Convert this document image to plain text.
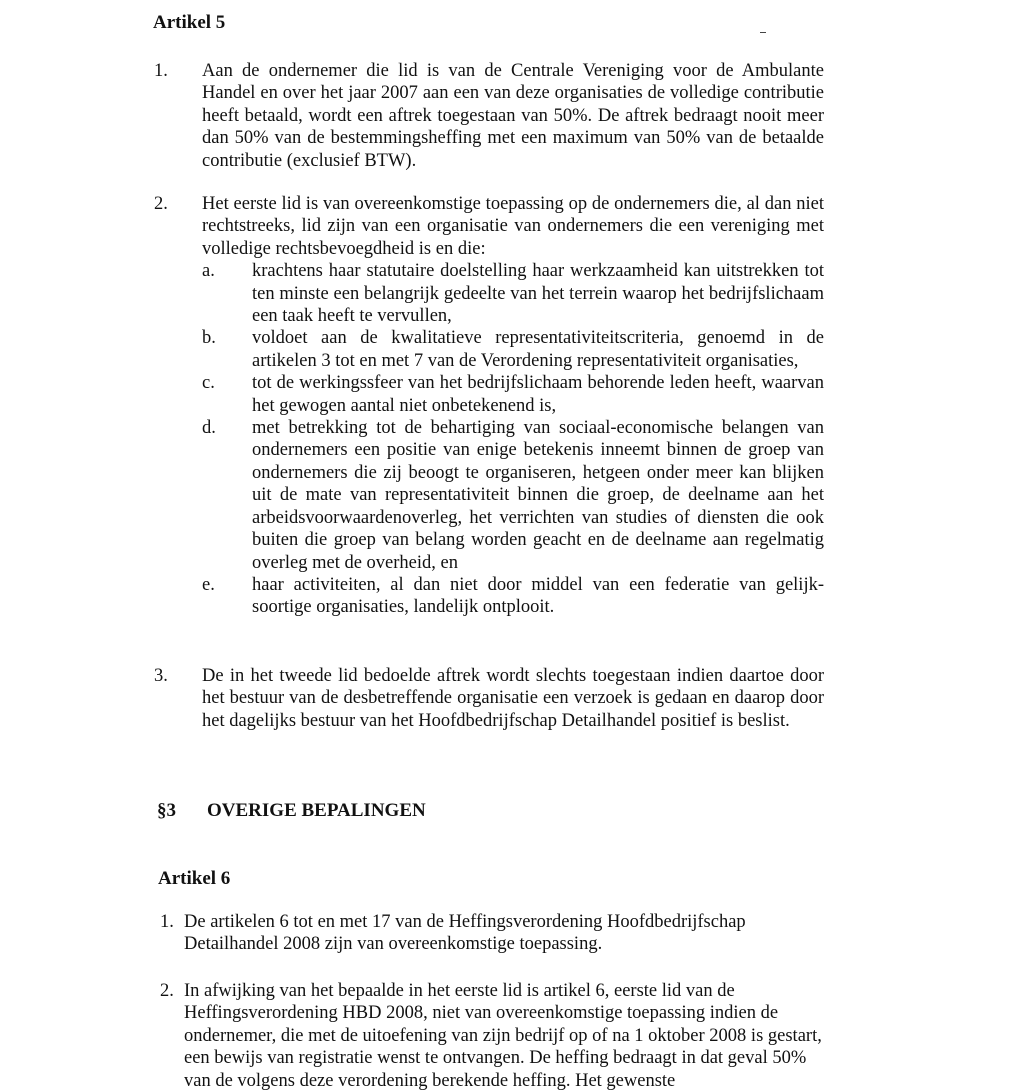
Artikel 5
1. Aan de ondernemer die lid is van de Centrale Vereniging voor de Ambulante Handel en over het jaar 2007 aan een van deze organisaties de volledige contributie heeft betaald, wordt een aftrek toegestaan van 50%. De aftrek bedraagt nooit meer dan 50% van de bestemmingsheffing met een maximum van 50% van de betaalde contributie (exclusief BTW).
2. Het eerste lid is van overeenkomstige toepassing op de ondernemers die, al dan niet rechtstreeks, lid zijn van een organisatie van ondernemers die een vereniging met volledige rechtsbevoegdheid is en die:
a. krachtens haar statutaire doelstelling haar werkzaamheid kan uitstrekken tot ten minste een belangrijk gedeelte van het terrein waarop het bedrijfslichaam een taak heeft te vervullen,
b. voldoet aan de kwalitatieve representativiteitscriteria, genoemd in de artikelen 3 tot en met 7 van de Verordening representativiteit organisaties,
c. tot de werkingssfeer van het bedrijfslichaam behorende leden heeft, waarvan het gewogen aantal niet onbetekenend is,
d. met betrekking tot de behartiging van sociaal-economische belangen van ondernemers een positie van enige betekenis inneemt binnen de groep van ondernemers die zij beoogt te organiseren, hetgeen onder meer kan blijken uit de mate van representativiteit binnen die groep, de deelname aan het arbeidsvoorwaardenoverleg, het verrichten van studies of diensten die ook buiten die groep van belang worden geacht en de deelname aan regelmatig overleg met de overheid, en
e. haar activiteiten, al dan niet door middel van een federatie van gelijk-soortige organisaties, landelijk ontplooit.
3. De in het tweede lid bedoelde aftrek wordt slechts toegestaan indien daartoe door het bestuur van de desbetreffende organisatie een verzoek is gedaan en daarop door het dagelijks bestuur van het Hoofdbedrijfschap Detailhandel positief is beslist.
§3 OVERIGE BEPALINGEN
Artikel 6
1. De artikelen 6 tot en met 17 van de Heffingsverordening Hoofdbedrijfschap Detailhandel 2008 zijn van overeenkomstige toepassing.
2. In afwijking van het bepaalde in het eerste lid is artikel 6, eerste lid van de Heffingsverordening HBD 2008, niet van overeenkomstige toepassing indien de ondernemer, die met de uitoefening van zijn bedrijf op of na 1 oktober 2008 is gestart, een bewijs van registratie wenst te ontvangen. De heffing bedraagt in dat geval 50% van de volgens deze verordening berekende heffing. Het gewenste
